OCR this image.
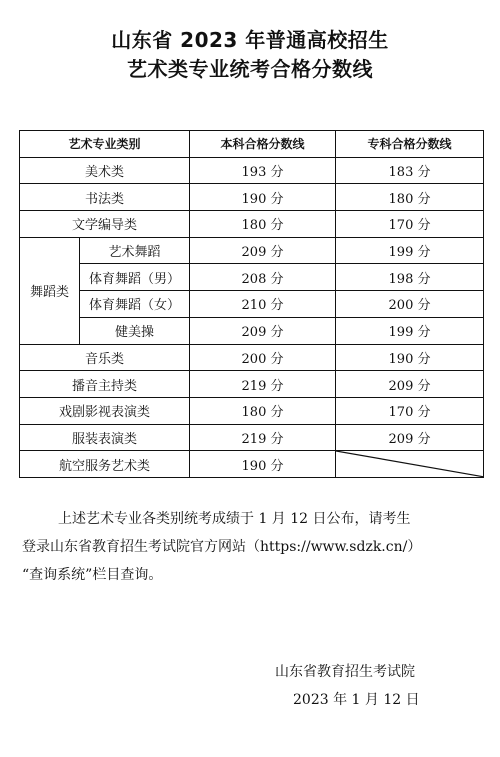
山东省 2023 年普通高校招生
艺术类专业统考合格分数线
艺术专业类别		本科合格分数线	专科合格分数线
美术类		193 分	183 分
书法类		190 分	180 分
文学编导类		180 分	170 分
舞蹈类	艺术舞蹈	209 分	199 分
	体育舞蹈（男）	208 分	198 分
	体育舞蹈（女）	210 分	200 分
	健美操	209 分	199 分
音乐类		200 分	190 分
播音主持类		219 分	209 分
戏剧影视表演类		180 分	170 分
服装表演类		219 分	209 分
航空服务艺术类		190 分	
上述艺术专业各类别统考成绩于 1 月 12 日公布，请考生
登录山东省教育招生考试院官方网站（https://www.sdzk.cn/）
“查询系统”栏目查询。
山东省教育招生考试院
2023 年 1 月 12 日
